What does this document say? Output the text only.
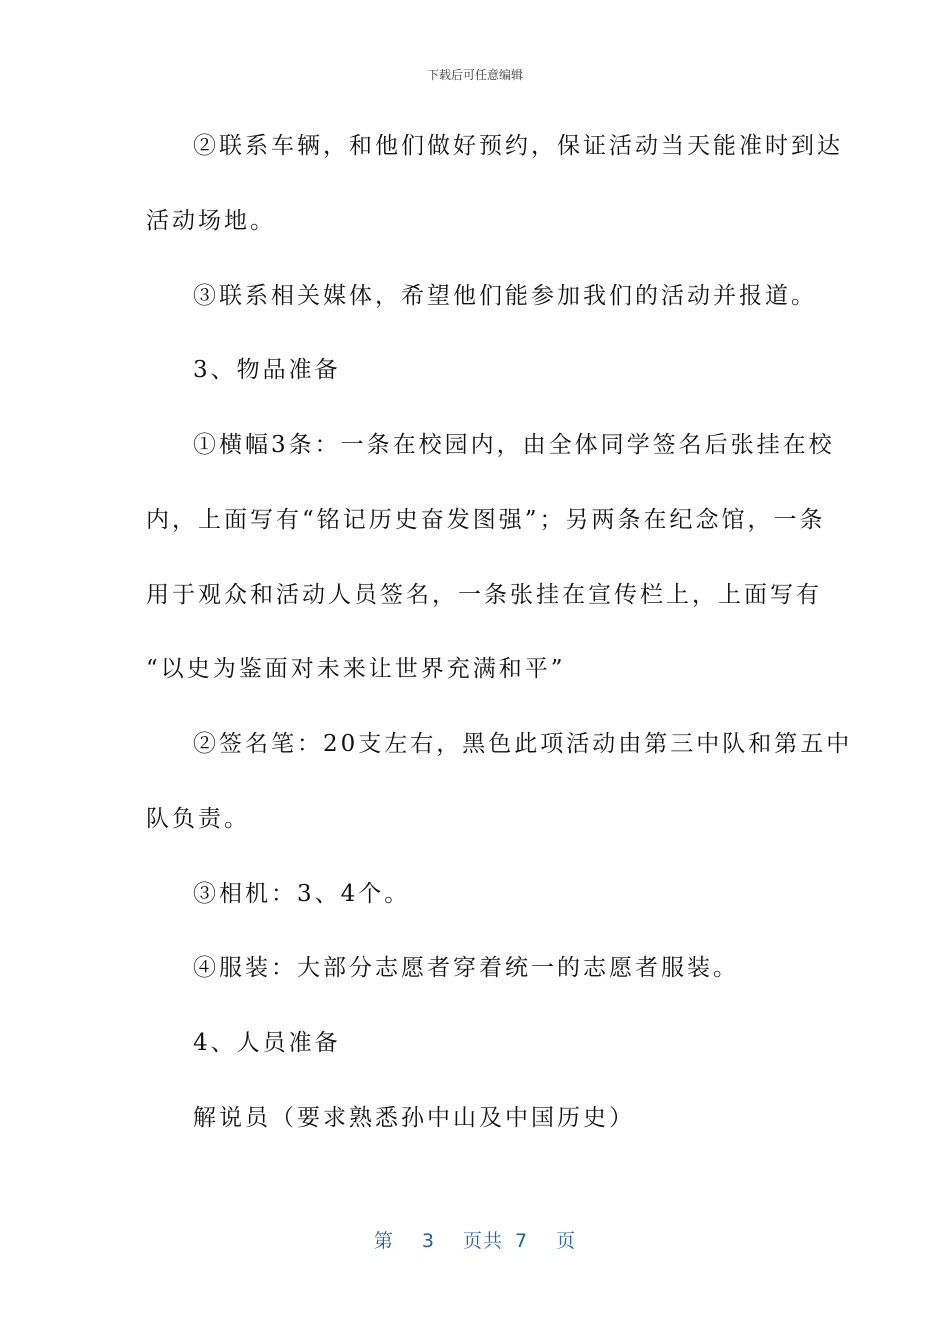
下载后可任意编辑
②联系车辆，和他们做好预约，保证活动当天能准时到达
活动场地。
③联系相关媒体，希望他们能参加我们的活动并报道。
3、物品准备
①横幅3条：一条在校园内，由全体同学签名后张挂在校
内，上面写有“铭记历史奋发图强”；另两条在纪念馆，一条
用于观众和活动人员签名，一条张挂在宣传栏上，上面写有
“以史为鉴面对未来让世界充满和平”
②签名笔：20支左右，黑色此项活动由第三中队和第五中
队负责。
③相机：3、4个。
④服装：大部分志愿者穿着统一的志愿者服装。
4、人员准备
解说员（要求熟悉孙中山及中国历史）
第 3 页共 7 页
